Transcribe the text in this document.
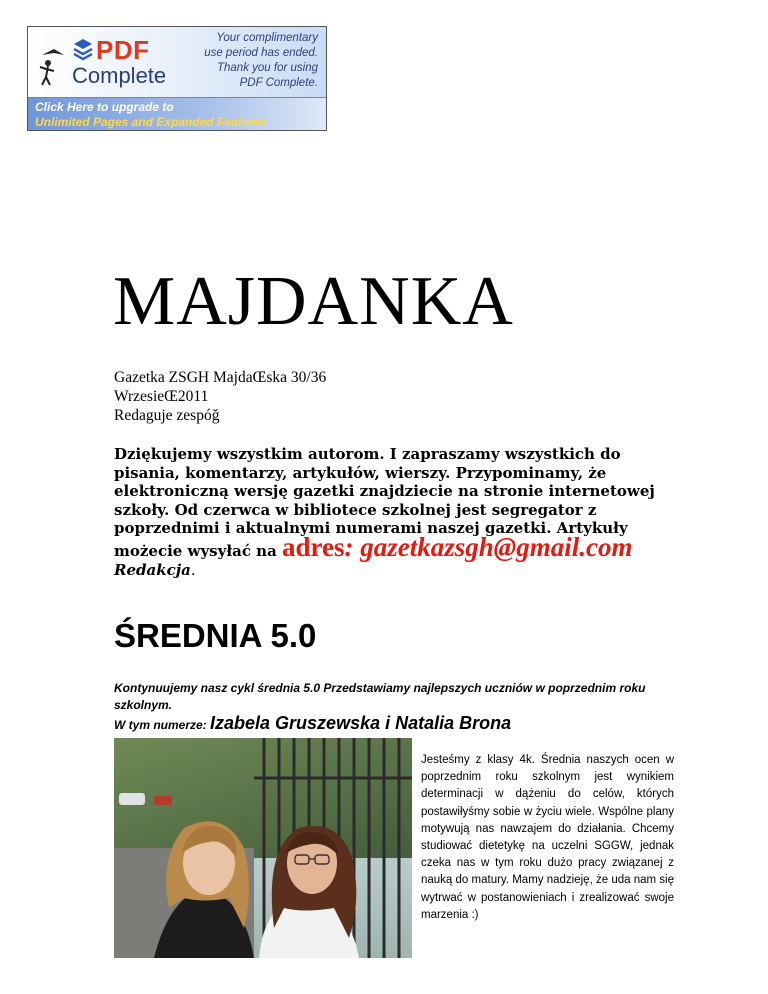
PDF
Complete
Your complimentary
use period has ended.
Thank you for using
PDF Complete.
Click Here to upgrade to
Unlimited Pages and Expanded Features
MAJDANKA
Gazetka ZSGH MajdaŒska 30/36
WrzesieŒ2011
Redaguje zespóǧ
Dziękujemy wszystkim autorom. I zapraszamy wszystkich do pisania, komentarzy, artykułów, wierszy. Przypominamy, że elektroniczną wersję gazetki znajdziecie na stronie internetowej szkoły. Od czerwca w bibliotece szkolnej jest segregator z poprzednimi i aktualnymi numerami naszej gazetki. Artykuły możecie wysyłać na adres: gazetkazsgh@gmail.com
Redakcja.
ŚREDNIA 5.0
Kontynuujemy nasz cykl średnia 5.0 Przedstawiamy najlepszych uczniów w poprzednim roku szkolnym.
W tym numerze: Izabela Gruszewska i Natalia Brona
Jesteśmy z klasy 4k. Średnia naszych ocen w poprzednim roku szkolnym jest wynikiem determinacji w dążeniu do celów, których postawiłyśmy sobie w życiu wiele. Wspólne plany motywują nas nawzajem do działania. Chcemy studiować dietetykę na uczelni SGGW, jednak czeka nas w tym roku dużo pracy związanej z nauką do matury. Mamy nadzieję, że uda nam się wytrwać w postanowieniach i zrealizować swoje marzenia :)
